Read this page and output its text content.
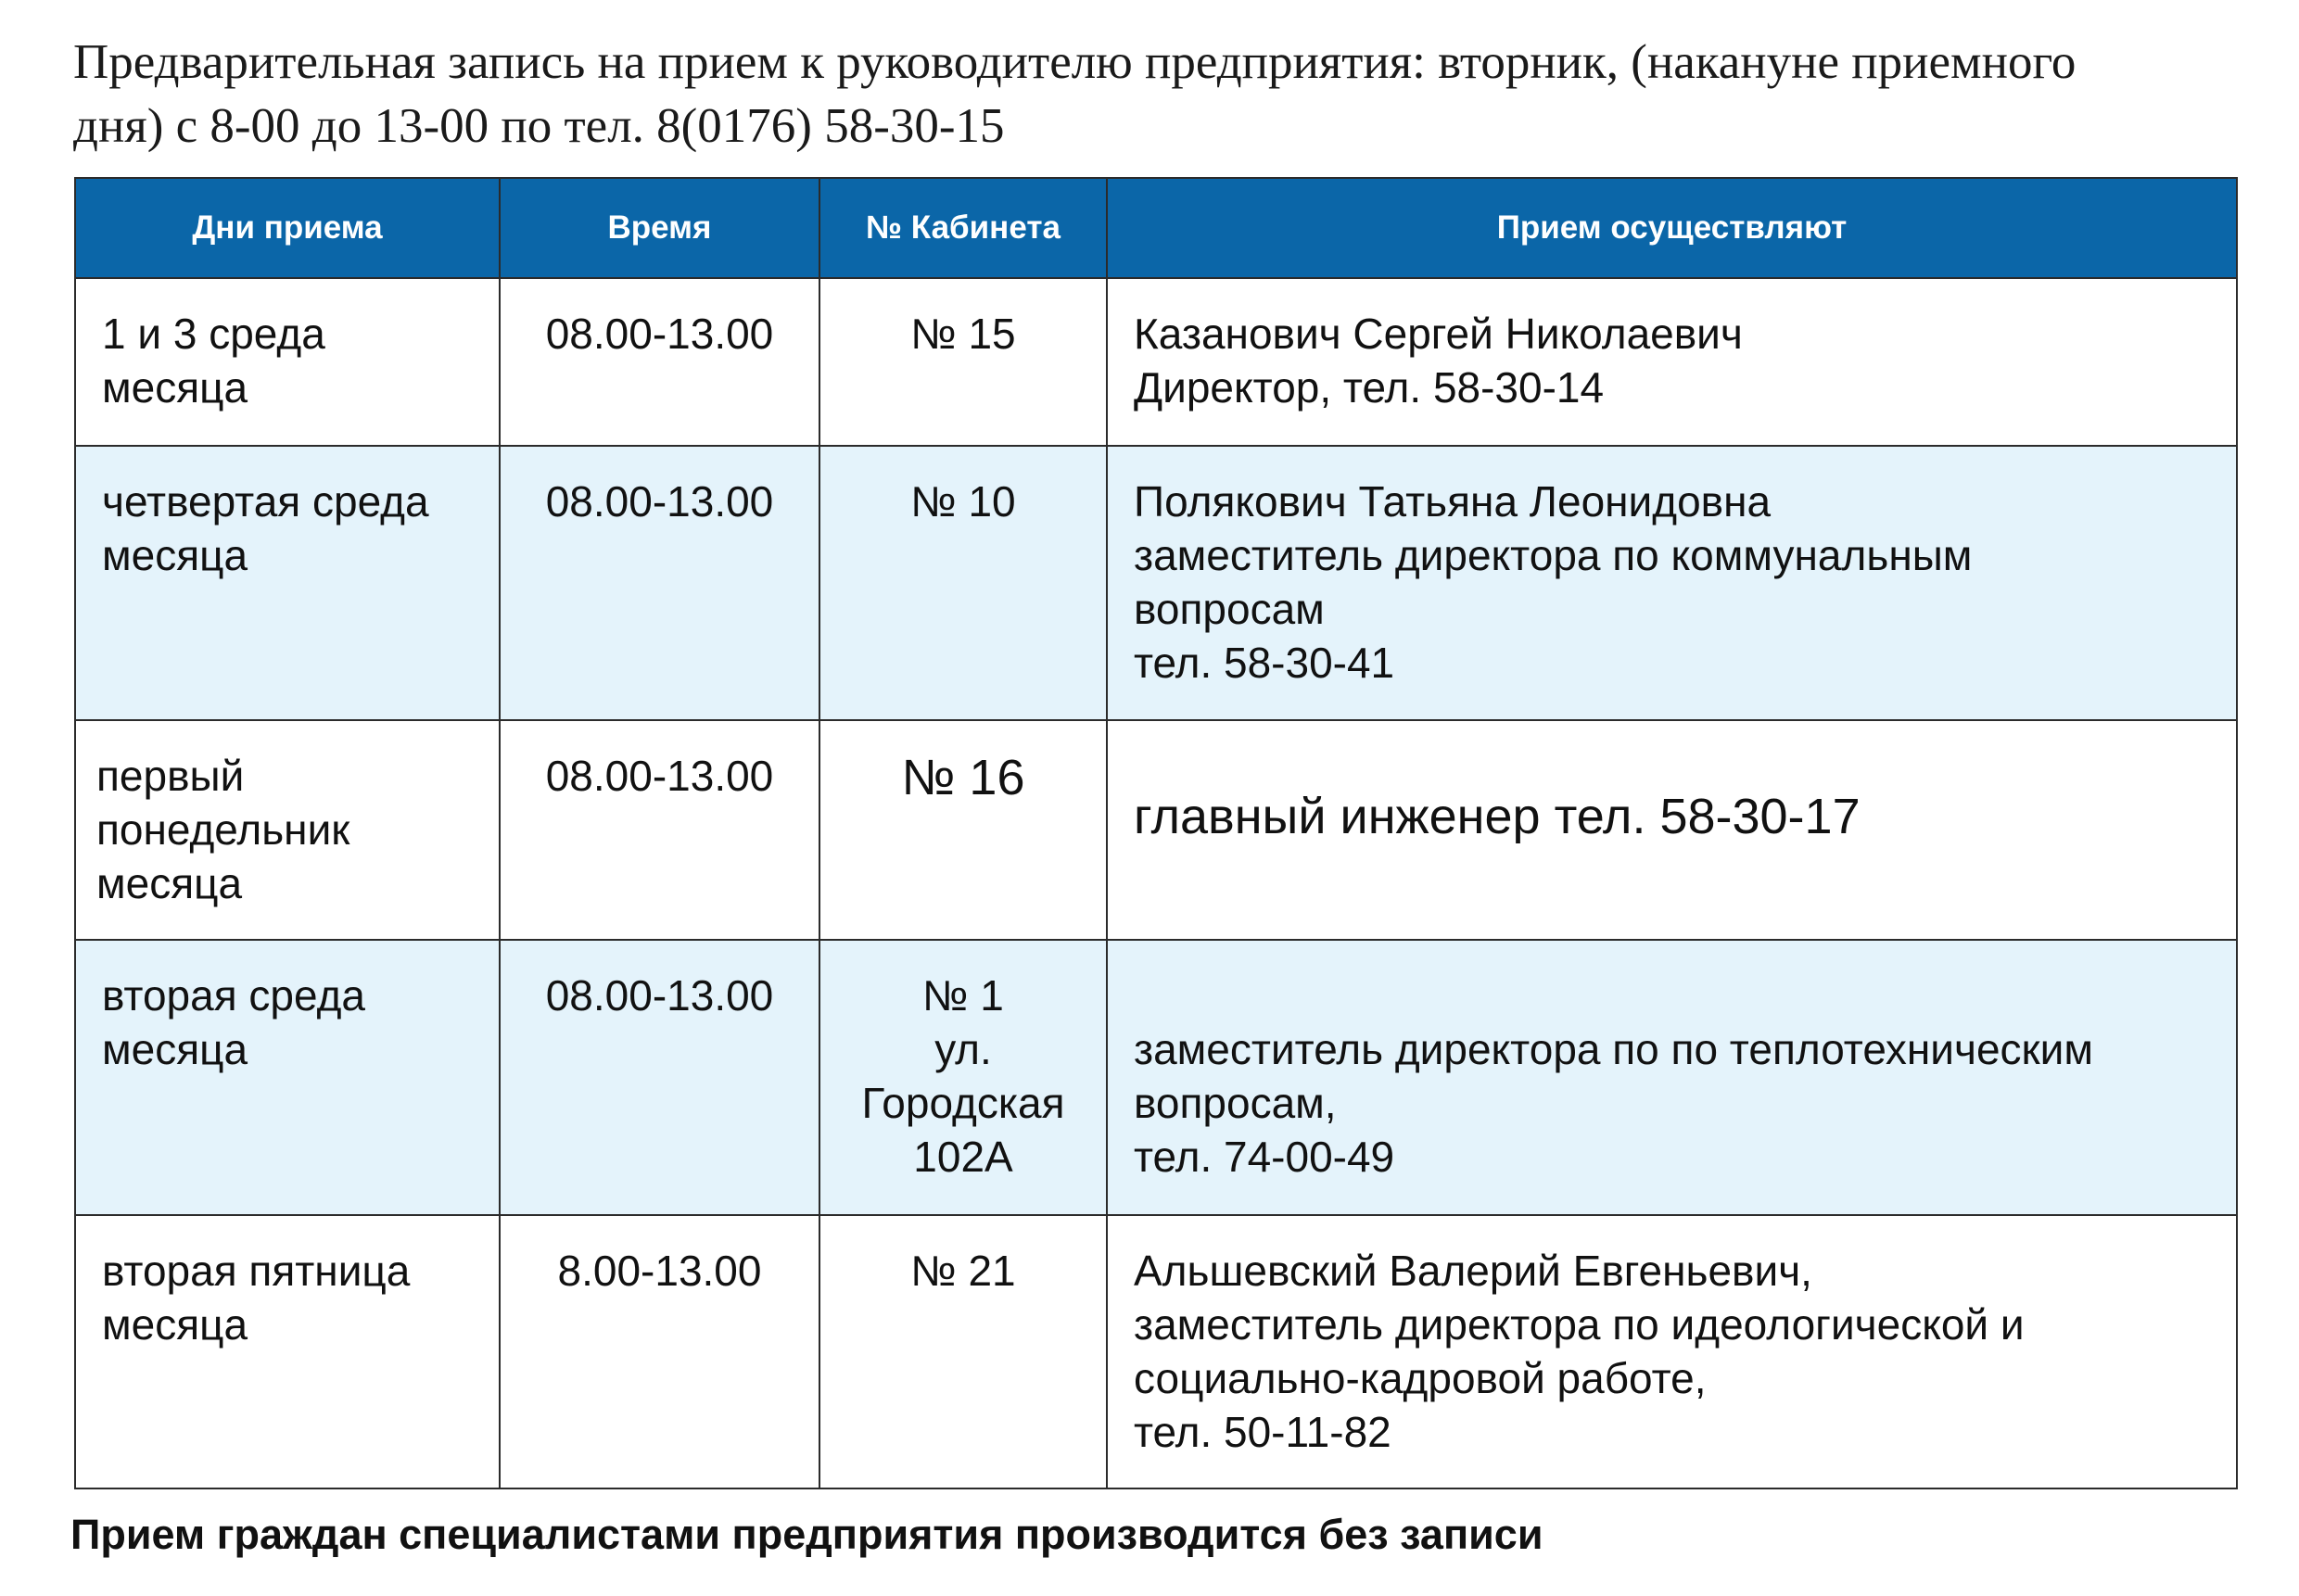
Предварительная запись на прием к руководителю предприятия: вторник, (накануне приемного
дня) с 8-00 до 13-00 по тел. 8(0176) 58-30-15
Дни приема	Время	№ Кабинета	Прием осуществляют

1 и 3 среда
месяца	08.00-13.00	№ 15	Казанович Сергей Николаевич
Директор, тел. 58-30-14

четвертая среда
месяца	08.00-13.00	№ 10	Полякович Татьяна Леонидовна
заместитель директора по коммунальным
вопросам
тел. 58-30-41

первый
понедельник
месяца	08.00-13.00	№ 16	главный инженер тел. 58-30-17

вторая среда
месяца	08.00-13.00	№ 1
ул.
Городская
102А	заместитель директора по по теплотехническим
вопросам,
тел. 74-00-49

вторая пятница
месяца	8.00-13.00	№ 21	Альшевский Валерий Евгеньевич,
заместитель директора по идеологической и
социально-кадровой работе,
тел. 50-11-82
Прием граждан специалистами предприятия производится без записи
